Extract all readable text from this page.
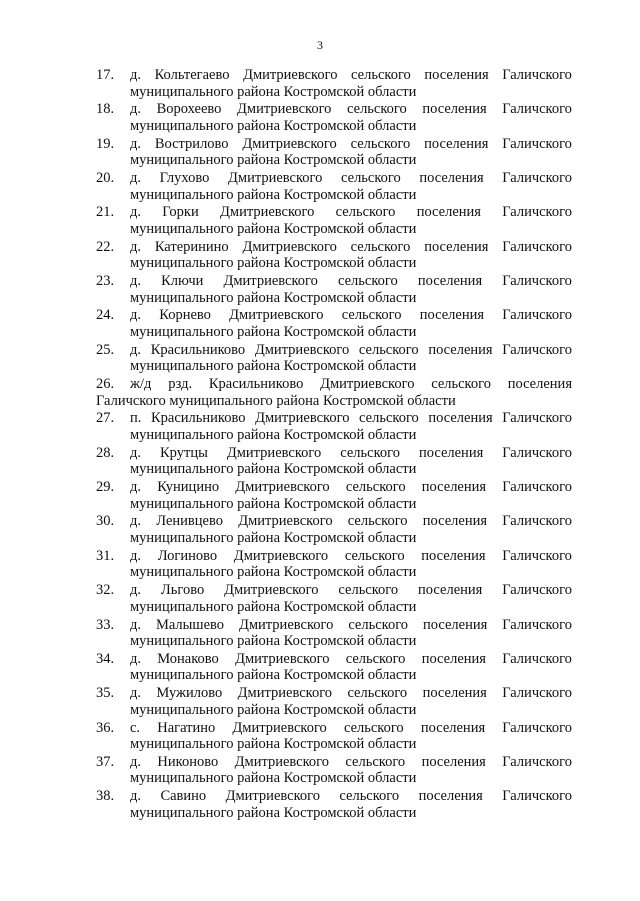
3
17.	д. Кольтегаево Дмитриевского сельского поселения Галичского
муниципального района Костромской области
18.	д. Ворохеево Дмитриевского сельского поселения Галичского
муниципального района Костромской области
19.	д. Вострилово Дмитриевского сельского поселения Галичского
муниципального района Костромской области
20.	д. Глухово Дмитриевского сельского поселения Галичского
муниципального района Костромской области
21.	д. Горки Дмитриевского сельского поселения Галичского
муниципального района Костромской области
22.	д. Катеринино Дмитриевского сельского поселения Галичского
муниципального района Костромской области
23.	д. Ключи Дмитриевского сельского поселения Галичского
муниципального района Костромской области
24.	д. Корнево Дмитриевского сельского поселения Галичского
муниципального района Костромской области
25.	д. Красильниково Дмитриевского сельского поселения Галичского
муниципального района Костромской области
26.	ж/д рзд. Красильниково Дмитриевского сельского поселения
Галичского муниципального района Костромской области
27.	п. Красильниково Дмитриевского сельского поселения Галичского
муниципального района Костромской области
28.	д. Крутцы Дмитриевского сельского поселения Галичского
муниципального района Костромской области
29.	д. Куницино Дмитриевского сельского поселения Галичского
муниципального района Костромской области
30.	д. Ленивцево Дмитриевского сельского поселения Галичского
муниципального района Костромской области
31.	д. Логиново Дмитриевского сельского поселения Галичского
муниципального района Костромской области
32.	д. Льгово Дмитриевского сельского поселения Галичского
муниципального района Костромской области
33.	д. Малышево Дмитриевского сельского поселения Галичского
муниципального района Костромской области
34.	д. Монаково Дмитриевского сельского поселения Галичского
муниципального района Костромской области
35.	д. Мужилово Дмитриевского сельского поселения Галичского
муниципального района Костромской области
36.	с. Нагатино Дмитриевского сельского поселения Галичского
муниципального района Костромской области
37.	д. Никоново Дмитриевского сельского поселения Галичского
муниципального района Костромской области
38.	д. Савино Дмитриевского сельского поселения Галичского
муниципального района Костромской области
